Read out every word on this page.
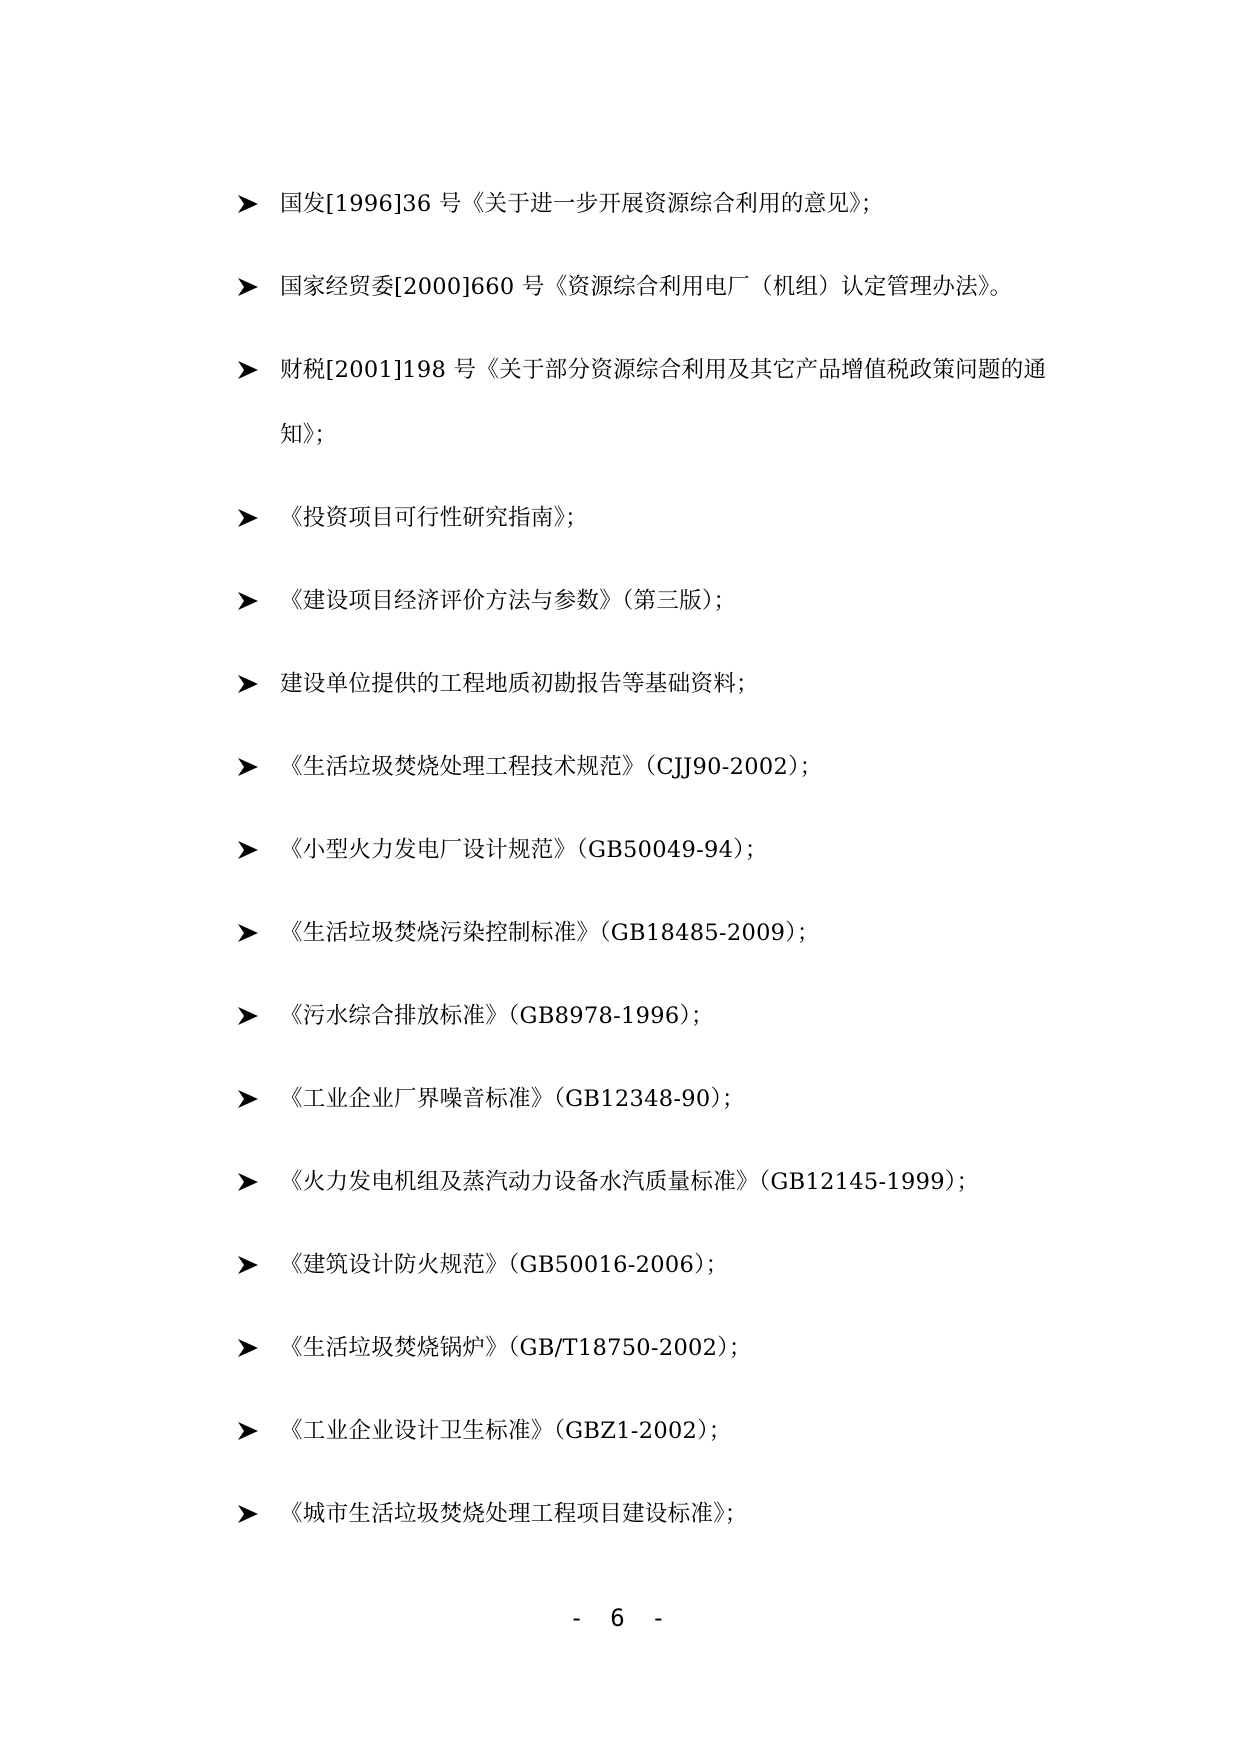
国发[1996]36 号《关于进一步开展资源综合利用的意见》；
国家经贸委[2000]660 号《资源综合利用电厂（机组）认定管理办法》。
财税[2001]198 号《关于部分资源综合利用及其它产品增值税政策问题的通知》；
《投资项目可行性研究指南》；
《建设项目经济评价方法与参数》（第三版）；
建设单位提供的工程地质初勘报告等基础资料；
《生活垃圾焚烧处理工程技术规范》（CJJ90-2002）；
《小型火力发电厂设计规范》（GB50049-94）；
《生活垃圾焚烧污染控制标准》（GB18485-2009）；
《污水综合排放标准》（GB8978-1996）；
《工业企业厂界噪音标准》（GB12348-90）；
《火力发电机组及蒸汽动力设备水汽质量标准》（GB12145-1999）；
《建筑设计防火规范》（GB50016-2006）；
《生活垃圾焚烧锅炉》（GB/T18750-2002）；
《工业企业设计卫生标准》（GBZ1-2002）；
《城市生活垃圾焚烧处理工程项目建设标准》；
- 6 -
